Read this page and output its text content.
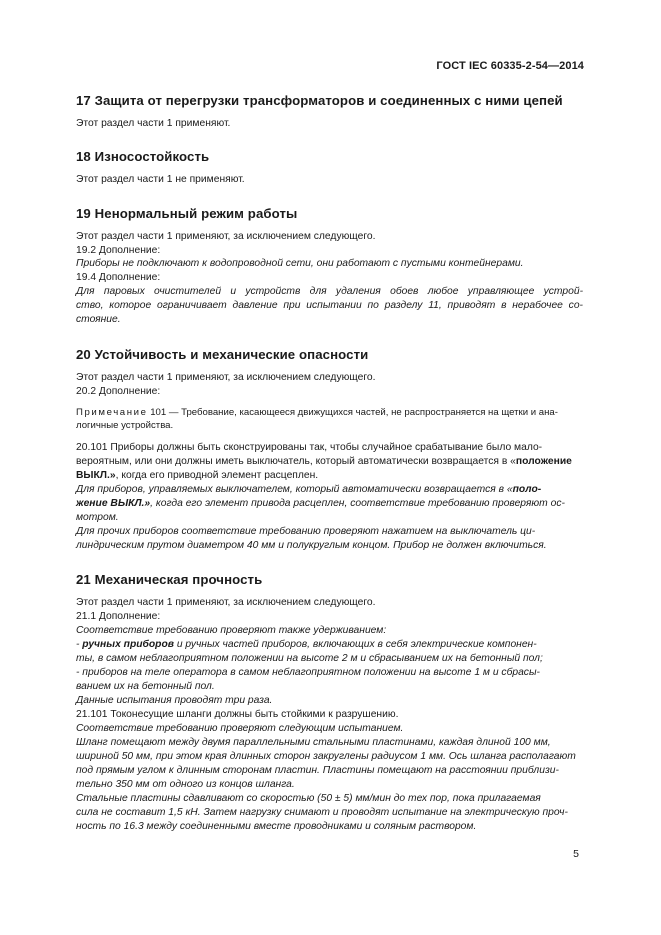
ГОСТ IEC 60335-2-54—2014
17 Защита от перегрузки трансформаторов и соединенных с ними цепей
Этот раздел части 1 применяют.
18 Износостойкость
Этот раздел части 1 не применяют.
19 Ненормальный режим работы
Этот раздел части 1 применяют, за исключением следующего.
19.2 Дополнение:
Приборы не подключают к водопроводной сети, они работают с пустыми контейнерами.
19.4 Дополнение:
Для паровых очистителей и устройств для удаления обоев любое управляющее устрой-
ство, которое ограничивает давление при испытании по разделу 11, приводят в нерабочее со-
стояние.
20 Устойчивость и механические опасности
Этот раздел части 1 применяют, за исключением следующего.
20.2 Дополнение:
Примечание 101 — Требование, касающееся движущихся частей, не распространяется на щетки и ана-
логичные устройства.
20.101 Приборы должны быть сконструированы так, чтобы случайное срабатывание было мало-
вероятным, или они должны иметь выключатель, который автоматически возвращается в «положение
ВЫКЛ.», когда его приводной элемент расцеплен.
Для приборов, управляемых выключателем, который автоматически возвращается в «поло-
жение ВЫКЛ.», когда его элемент привода расцеплен, соответствие требованию проверяют ос-
мотром.
Для прочих приборов соответствие требованию проверяют нажатием на выключатель ци-
линдрическим прутом диаметром 40 мм и полукруглым концом. Прибор не должен включиться.
21 Механическая прочность
Этот раздел части 1 применяют, за исключением следующего.
21.1 Дополнение:
Соответствие требованию проверяют также удерживанием:
- ручных приборов и ручных частей приборов, включающих в себя электрические компонен-
ты, в самом неблагоприятном положении на высоте 2 м и сбрасыванием их на бетонный пол;
- приборов на теле оператора в самом неблагоприятном положении на высоте 1 м и сбрасы-
ванием их на бетонный пол.
Данные испытания проводят три раза.
21.101 Токонесущие шланги должны быть стойкими к разрушению.
Соответствие требованию проверяют следующим испытанием.
Шланг помещают между двумя параллельными стальными пластинами, каждая длиной 100 мм,
шириной 50 мм, при этом края длинных сторон закруглены радиусом 1 мм. Ось шланга располагают
под прямым углом к длинным сторонам пластин. Пластины помещают на расстоянии приблизи-
тельно 350 мм от одного из концов шланга.
Стальные пластины сдавливают со скоростью (50 ± 5) мм/мин до тех пор, пока прилагаемая
сила не составит 1,5 кН. Затем нагрузку снимают и проводят испытание на электрическую проч-
ность по 16.3 между соединенными вместе проводниками и соляным раствором.
5
